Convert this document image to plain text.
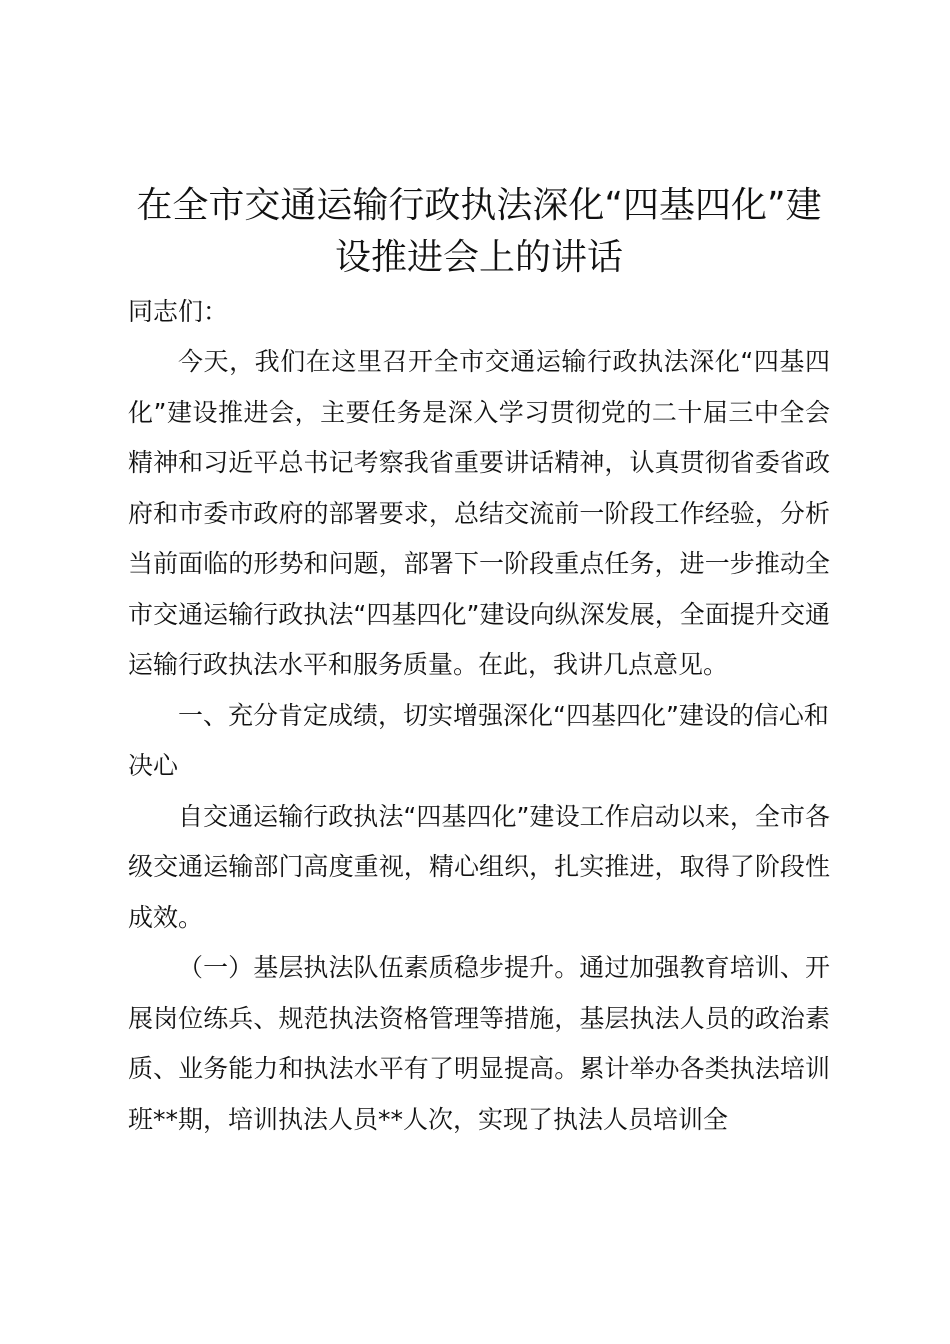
在全市交通运输行政执法深化“四基四化”建设推进会上的讲话

同志们：

今天，我们在这里召开全市交通运输行政执法深化“四基四化”建设推进会，主要任务是深入学习贯彻党的二十届三中全会精神和习近平总书记考察我省重要讲话精神，认真贯彻省委省政府和市委市政府的部署要求，总结交流前一阶段工作经验，分析当前面临的形势和问题，部署下一阶段重点任务，进一步推动全市交通运输行政执法“四基四化”建设向纵深发展，全面提升交通运输行政执法水平和服务质量。在此，我讲几点意见。

一、充分肯定成绩，切实增强深化“四基四化”建设的信心和决心

自交通运输行政执法“四基四化”建设工作启动以来，全市各级交通运输部门高度重视，精心组织，扎实推进，取得了阶段性成效。

（一）基层执法队伍素质稳步提升。通过加强教育培训、开展岗位练兵、规范执法资格管理等措施，基层执法人员的政治素质、业务能力和执法水平有了明显提高。累计举办各类执法培训班**期，培训执法人员**人次，实现了执法人员培训全
